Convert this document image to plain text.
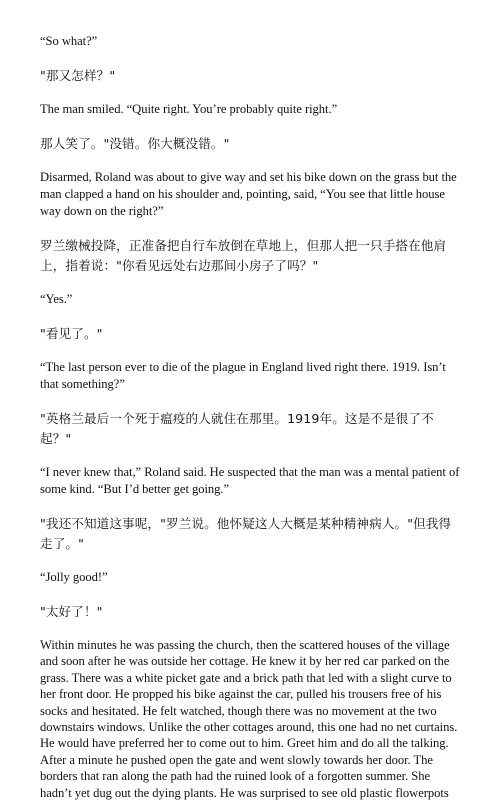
“So what?”

"那又怎样？"

The man smiled. “Quite right. You’re probably quite right.”

那人笑了。"没错。你大概没错。"

Disarmed, Roland was about to give way and set his bike down on the grass but the man clapped a hand on his shoulder and, pointing, said, “You see that little house way down on the right?”

罗兰缴械投降，正准备把自行车放倒在草地上，但那人把一只手搭在他肩上，指着说："你看见远处右边那间小房子了吗？"

“Yes.”

"看见了。"

“The last person ever to die of the plague in England lived right there. 1919. Isn’t that something?”

"英格兰最后一个死于瘟疫的人就住在那里。1919年。这是不是很了不起？"

“I never knew that,” Roland said. He suspected that the man was a mental patient of some kind. “But I’d better get going.”

"我还不知道这事呢，"罗兰说。他怀疑这人大概是某种精神病人。"但我得走了。"

“Jolly good!”

"太好了！"

Within minutes he was passing the church, then the scattered houses of the village and soon after he was outside her cottage. He knew it by her red car parked on the grass. There was a white picket gate and a brick path that led with a slight curve to her front door. He propped his bike against the car, pulled his trousers free of his socks and hesitated. He felt watched, though there was no movement at the two downstairs windows. Unlike the other cottages around, this one had no net curtains. He would have preferred her to come out to him. Greet him and do all the talking. After a minute he pushed open the gate and went slowly towards her door. The borders that ran along the path had the ruined look of a forgotten summer. She hadn’t yet dug out the dying plants. He was surprised to see old plastic flowerpots
